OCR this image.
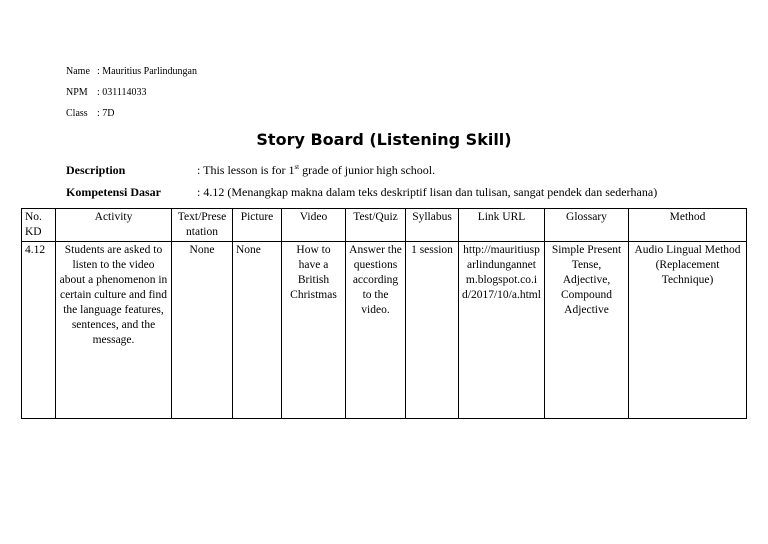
Name : Mauritius Parlindungan
NPM : 031114033
Class : 7D
Story Board (Listening Skill)
Description	: This lesson is for 1st grade of junior high school.
Kompetensi Dasar	: 4.12 (Menangkap makna dalam teks deskriptif lisan dan tulisan, sangat pendek dan sederhana)
No. KD	Activity	Text/Presentation	Picture	Video	Test/Quiz	Syllabus	Link URL	Glossary	Method
4.12	Students are asked to listen to the video about a phenomenon in certain culture and find the language features, sentences, and the message.	None	None	How to have a British Christmas	Answer the questions according to the video.	1 session	http://mauritiusparlindungannetm.blogspot.co.id/2017/10/a.html	Simple Present Tense, Adjective, Compound Adjective	Audio Lingual Method (Replacement Technique)
